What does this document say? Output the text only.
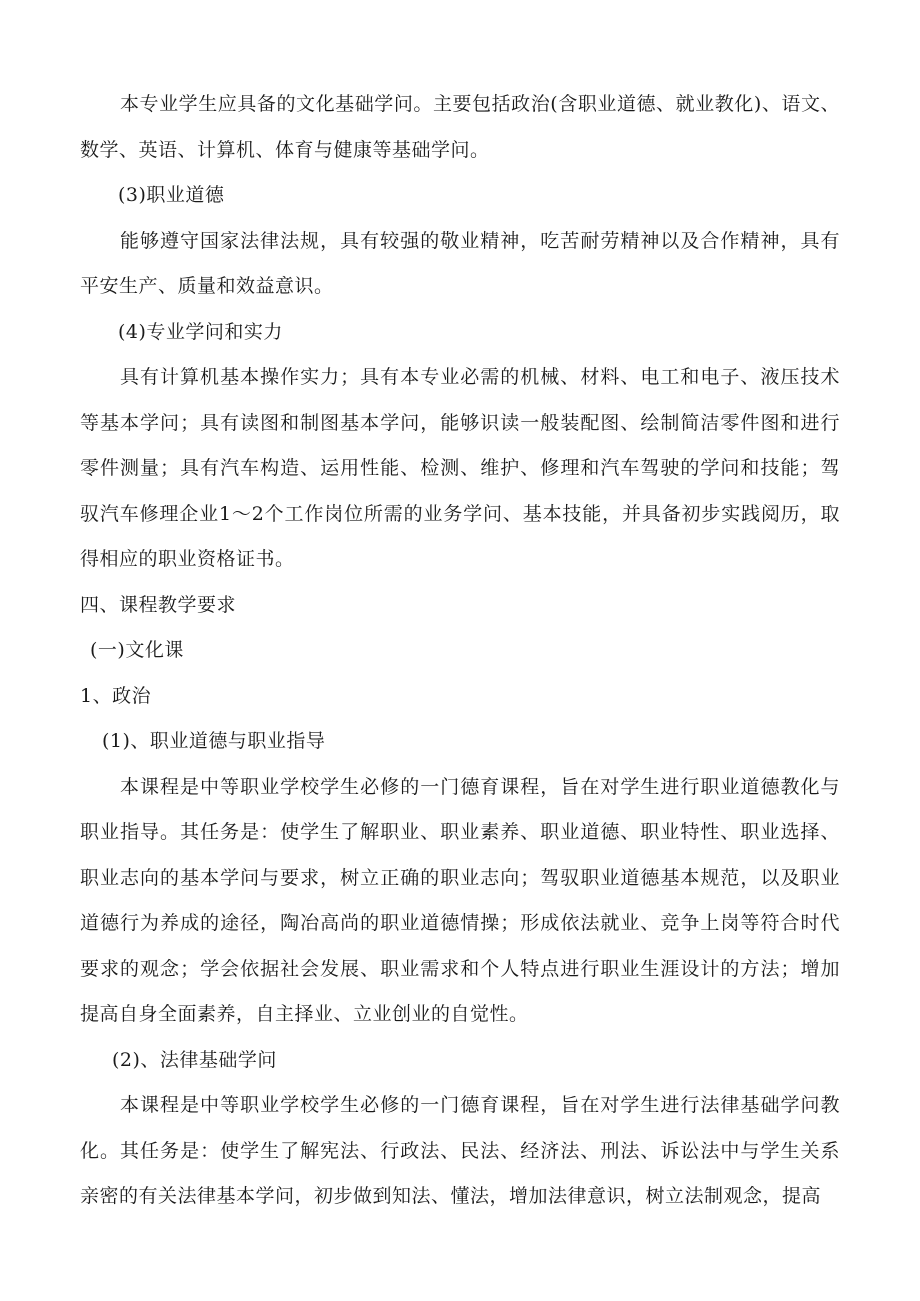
本专业学生应具备的文化基础学问。主要包括政治(含职业道德、就业教化)、语文、数学、英语、计算机、体育与健康等基础学问。

(3)职业道德

能够遵守国家法律法规，具有较强的敬业精神，吃苦耐劳精神以及合作精神，具有平安生产、质量和效益意识。

(4)专业学问和实力

具有计算机基本操作实力；具有本专业必需的机械、材料、电工和电子、液压技术等基本学问；具有读图和制图基本学问，能够识读一般装配图、绘制简洁零件图和进行零件测量；具有汽车构造、运用性能、检测、维护、修理和汽车驾驶的学问和技能；驾驭汽车修理企业1～2个工作岗位所需的业务学问、基本技能，并具备初步实践阅历，取得相应的职业资格证书。

四、课程教学要求

(一)文化课

1、政治

(1)、职业道德与职业指导

本课程是中等职业学校学生必修的一门德育课程，旨在对学生进行职业道德教化与职业指导。其任务是：使学生了解职业、职业素养、职业道德、职业特性、职业选择、职业志向的基本学问与要求，树立正确的职业志向；驾驭职业道德基本规范，以及职业道德行为养成的途径，陶冶高尚的职业道德情操；形成依法就业、竞争上岗等符合时代要求的观念；学会依据社会发展、职业需求和个人特点进行职业生涯设计的方法；增加提高自身全面素养，自主择业、立业创业的自觉性。

(2)、法律基础学问

本课程是中等职业学校学生必修的一门德育课程，旨在对学生进行法律基础学问教化。其任务是：使学生了解宪法、行政法、民法、经济法、刑法、诉讼法中与学生关系亲密的有关法律基本学问，初步做到知法、懂法，增加法律意识，树立法制观念，提高
